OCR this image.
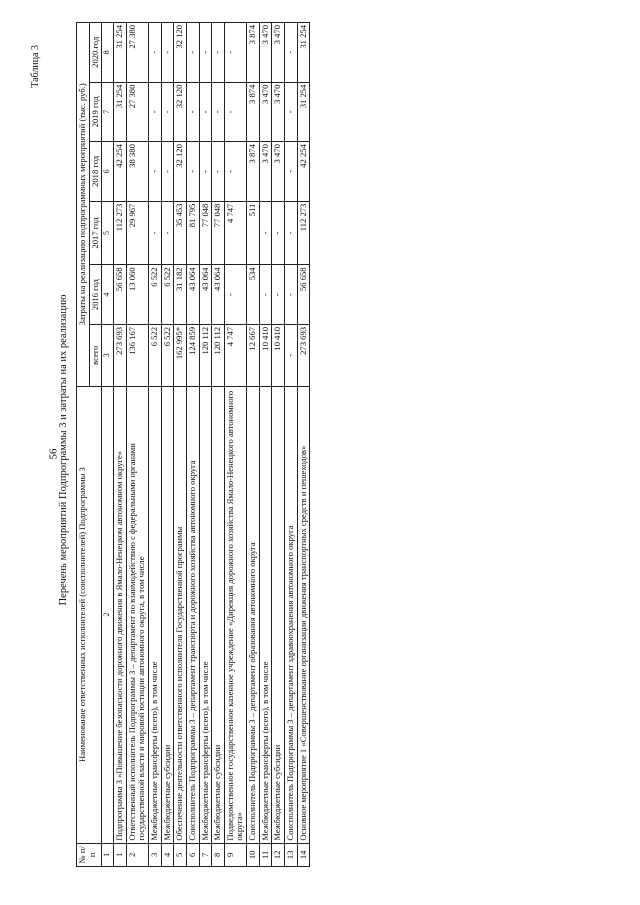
56
Таблица 3
Перечень мероприятий Подпрограммы 3 и затраты на их реализацию
№ п/п	Наименование ответственных исполнителей (соисполнителей) Подпрограммы 3	Затраты на реализацию подпрограммных мероприятий (тыс. руб.)					
		всего	2016 год	2017 год	2018 год	2019 год	2020 год
1	2	3	4	5	6	7	8
1	Подпрограмма 3 «Повышение безопасности дорожного движения в Ямало-Ненецком автономном округе»	273 693	56 658	112 273	42 254	31 254	31 254
2	Ответственный исполнитель Подпрограммы 3 – департамент по взаимодействию с федеральными органами государственной власти и мировой юстиции автономного округа, в том числе	136 167	13 060	29 967	38 380	27 380	27 380
3	Межбюджетные трансферты (всего), в том числе	6 522	6 522	-	-	-	-
4	Межбюджетные субсидии	6 522	6 522	-	-	-	-
5	Обеспечение деятельности ответственного исполнителя Государственной программы	162 995*	31 182	35 453	32 120	32 120	32 120
6	Соисполнитель Подпрограммы 3 – департамент транспорта и дорожного хозяйства автономного округа	124 859	43 064	81 795	-	-	-
7	Межбюджетные трансферты (всего), в том числе	120 112	43 064	77 048	-	-	-
8	Межбюджетные субсидии	120 112	43 064	77 048	-	-	-
9	Подведомственное государственное казенное учреждение «Дирекция дорожного хозяйства Ямало-Ненецкого автономного округа»	4 747	-	4 747	-	-	-
10	Соисполнитель Подпрограммы 3 – департамент образования автономного округа	12 667	534	511	3 874	3 874	3 874
11	Межбюджетные трансферты (всего), в том числе	10 410	-	-	3 470	3 470	3 470
12	Межбюджетные субсидии	10 410	-	-	3 470	3 470	3 470
13	Соисполнитель Подпрограммы 3 – департамент здравоохранения автономного округа	-	-	-	-	-	-
14	Основное мероприятие 1 «Совершенствование организации движения транспортных средств и пешеходов»	273 693	56 658	112 273	42 254	31 254	31 254
